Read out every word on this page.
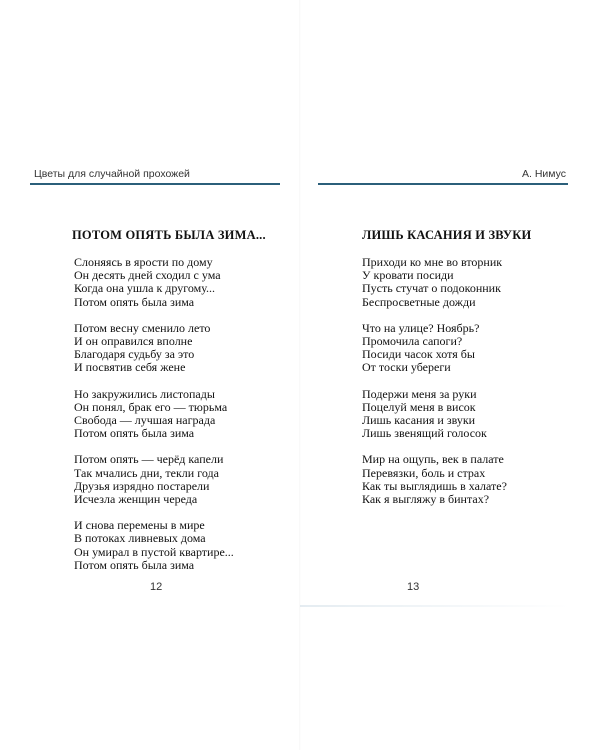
Цветы для случайной прохожей
ПОТОМ ОПЯТЬ БЫЛА ЗИМА...
Слоняясь в ярости по дому
Он десять дней сходил с ума
Когда она ушла к другому...
Потом опять была зима
Потом весну сменило лето
И он оправился вполне
Благодаря судьбу за это
И посвятив себя жене
Но закружились листопады
Он понял, брак его — тюрьма
Свобода — лучшая награда
Потом опять была зима
Потом опять — черёд капели
Так мчались дни, текли года
Друзья изрядно постарели
Исчезла женщин череда
И снова перемены в мире
В потоках ливневых дома
Он умирал в пустой квартире...
Потом опять была зима
12
А. Нимус
ЛИШЬ КАСАНИЯ И ЗВУКИ
Приходи ко мне во вторник
У кровати посиди
Пусть стучат о подоконник
Беспросветные дожди
Что на улице? Ноябрь?
Промочила сапоги?
Посиди часок хотя бы
От тоски убереги
Подержи меня за руки
Поцелуй меня в висок
Лишь касания и звуки
Лишь звенящий голосок
Мир на ощупь, век в палате
Перевязки, боль и страх
Как ты выглядишь в халате?
Как я выгляжу в бинтах?
13
